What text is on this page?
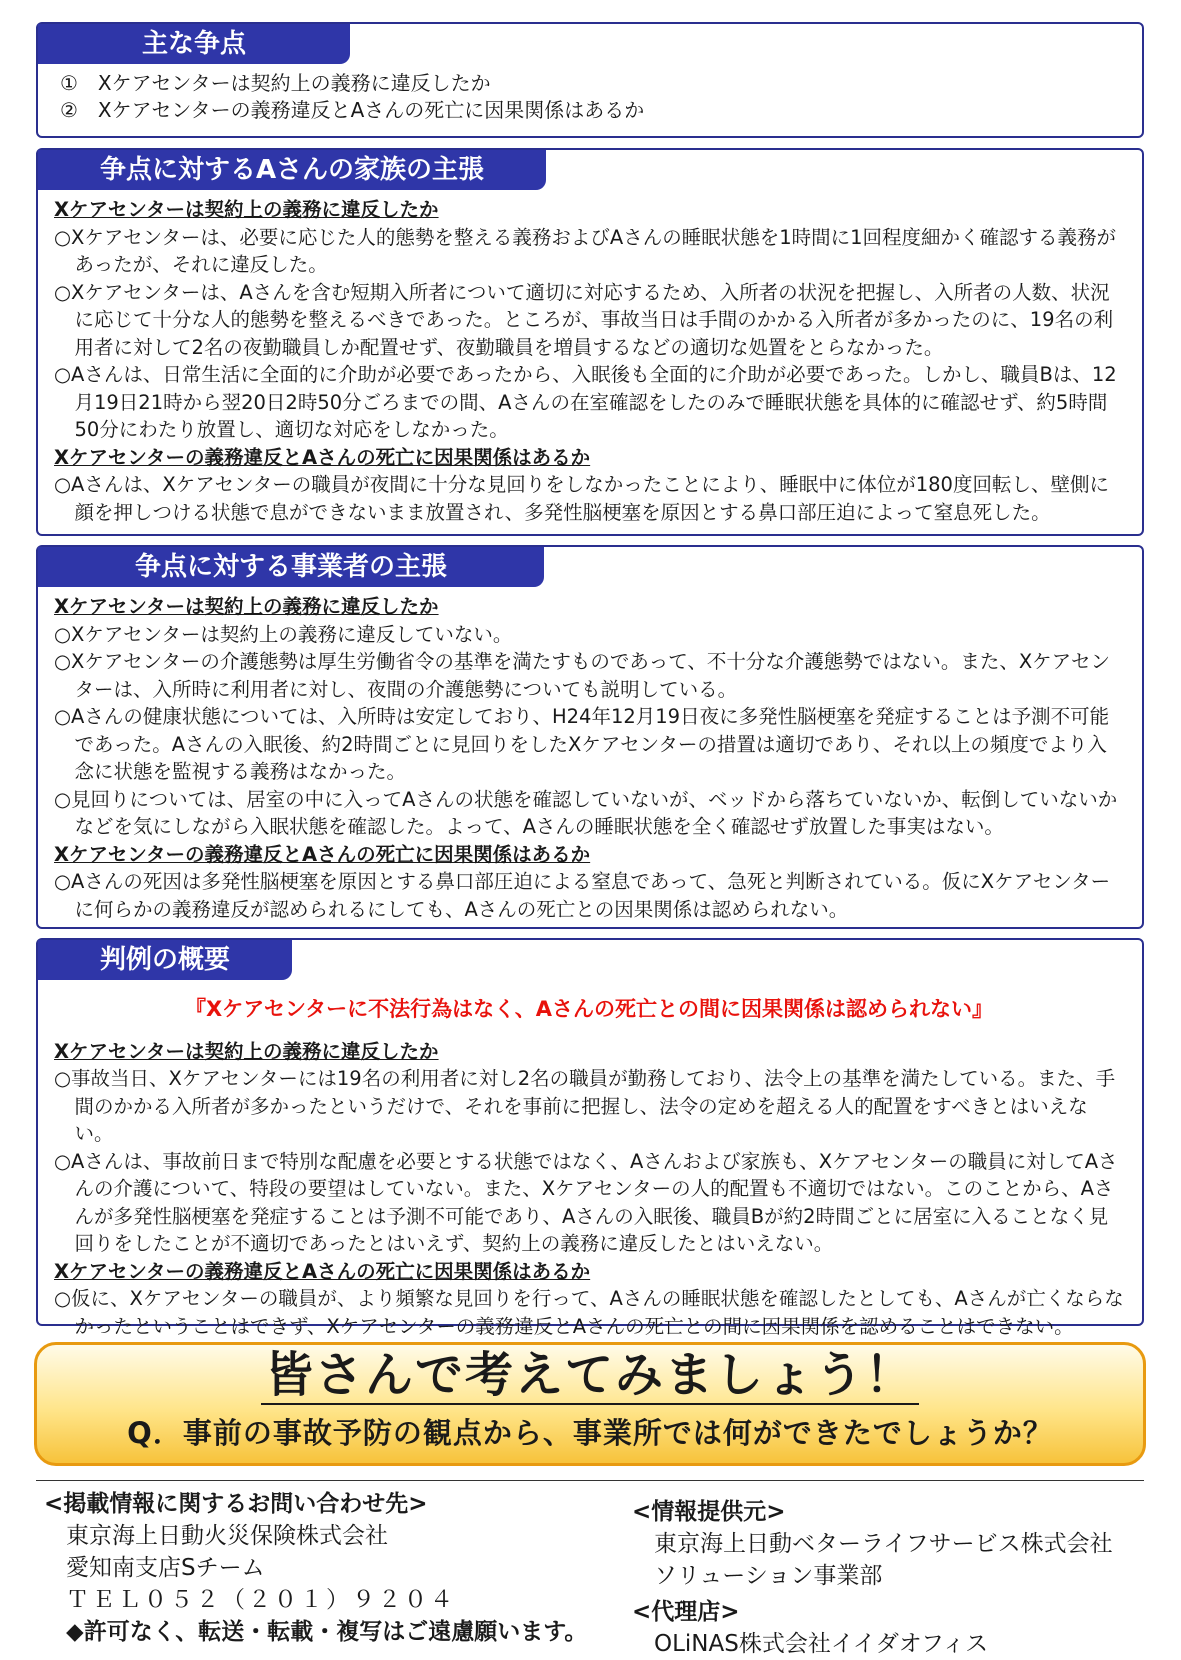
主な争点
①　Xケアセンターは契約上の義務に違反したか
②　Xケアセンターの義務違反とAさんの死亡に因果関係はあるか
争点に対するAさんの家族の主張
Xケアセンターは契約上の義務に違反したか
○Xケアセンターは、必要に応じた人的態勢を整える義務およびAさんの睡眠状態を1時間に1回程度細かく確認する義務があったが、それに違反した。
○Xケアセンターは、Aさんを含む短期入所者について適切に対応するため、入所者の状況を把握し、入所者の人数、状況に応じて十分な人的態勢を整えるべきであった。ところが、事故当日は手間のかかる入所者が多かったのに、19名の利用者に対して2名の夜勤職員しか配置せず、夜勤職員を増員するなどの適切な処置をとらなかった。
○Aさんは、日常生活に全面的に介助が必要であったから、入眠後も全面的に介助が必要であった。しかし、職員Bは、12月19日21時から翌20日2時50分ごろまでの間、Aさんの在室確認をしたのみで睡眠状態を具体的に確認せず、約5時間50分にわたり放置し、適切な対応をしなかった。
Xケアセンターの義務違反とAさんの死亡に因果関係はあるか
○Aさんは、Xケアセンターの職員が夜間に十分な見回りをしなかったことにより、睡眠中に体位が180度回転し、壁側に顔を押しつける状態で息ができないまま放置され、多発性脳梗塞を原因とする鼻口部圧迫によって窒息死した。
争点に対する事業者の主張
Xケアセンターは契約上の義務に違反したか
○Xケアセンターは契約上の義務に違反していない。
○Xケアセンターの介護態勢は厚生労働省令の基準を満たすものであって、不十分な介護態勢ではない。また、Xケアセンターは、入所時に利用者に対し、夜間の介護態勢についても説明している。
○Aさんの健康状態については、入所時は安定しており、H24年12月19日夜に多発性脳梗塞を発症することは予測不可能であった。Aさんの入眠後、約2時間ごとに見回りをしたXケアセンターの措置は適切であり、それ以上の頻度でより入念に状態を監視する義務はなかった。
○見回りについては、居室の中に入ってAさんの状態を確認していないが、ベッドから落ちていないか、転倒していないかなどを気にしながら入眠状態を確認した。よって、Aさんの睡眠状態を全く確認せず放置した事実はない。
Xケアセンターの義務違反とAさんの死亡に因果関係はあるか
○Aさんの死因は多発性脳梗塞を原因とする鼻口部圧迫による窒息であって、急死と判断されている。仮にXケアセンターに何らかの義務違反が認められるにしても、Aさんの死亡との因果関係は認められない。
判例の概要
『Xケアセンターに不法行為はなく、Aさんの死亡との間に因果関係は認められない』
Xケアセンターは契約上の義務に違反したか
○事故当日、Xケアセンターには19名の利用者に対し2名の職員が勤務しており、法令上の基準を満たしている。また、手間のかかる入所者が多かったというだけで、それを事前に把握し、法令の定めを超える人的配置をすべきとはいえない。
○Aさんは、事故前日まで特別な配慮を必要とする状態ではなく、Aさんおよび家族も、Xケアセンターの職員に対してAさんの介護について、特段の要望はしていない。また、Xケアセンターの人的配置も不適切ではない。このことから、Aさんが多発性脳梗塞を発症することは予測不可能であり、Aさんの入眠後、職員Bが約2時間ごとに居室に入ることなく見回りをしたことが不適切であったとはいえず、契約上の義務に違反したとはいえない。
Xケアセンターの義務違反とAさんの死亡に因果関係はあるか
○仮に、Xケアセンターの職員が、より頻繁な見回りを行って、Aさんの睡眠状態を確認したとしても、Aさんが亡くならなかったということはできず、Xケアセンターの義務違反とAさんの死亡との間に因果関係を認めることはできない。
皆さんで考えてみましょう！
Q．事前の事故予防の観点から、事業所では何ができたでしょうか？
<掲載情報に関するお問い合わせ先>
東京海上日動火災保険株式会社
愛知南支店Sチーム
ＴＥＬ０５２（２０１）９２０４
◆許可なく、転送・転載・複写はご遠慮願います。
<情報提供元>
東京海上日動ベターライフサービス株式会社
ソリューション事業部
<代理店>
OLiNAS株式会社イイダオフィス
